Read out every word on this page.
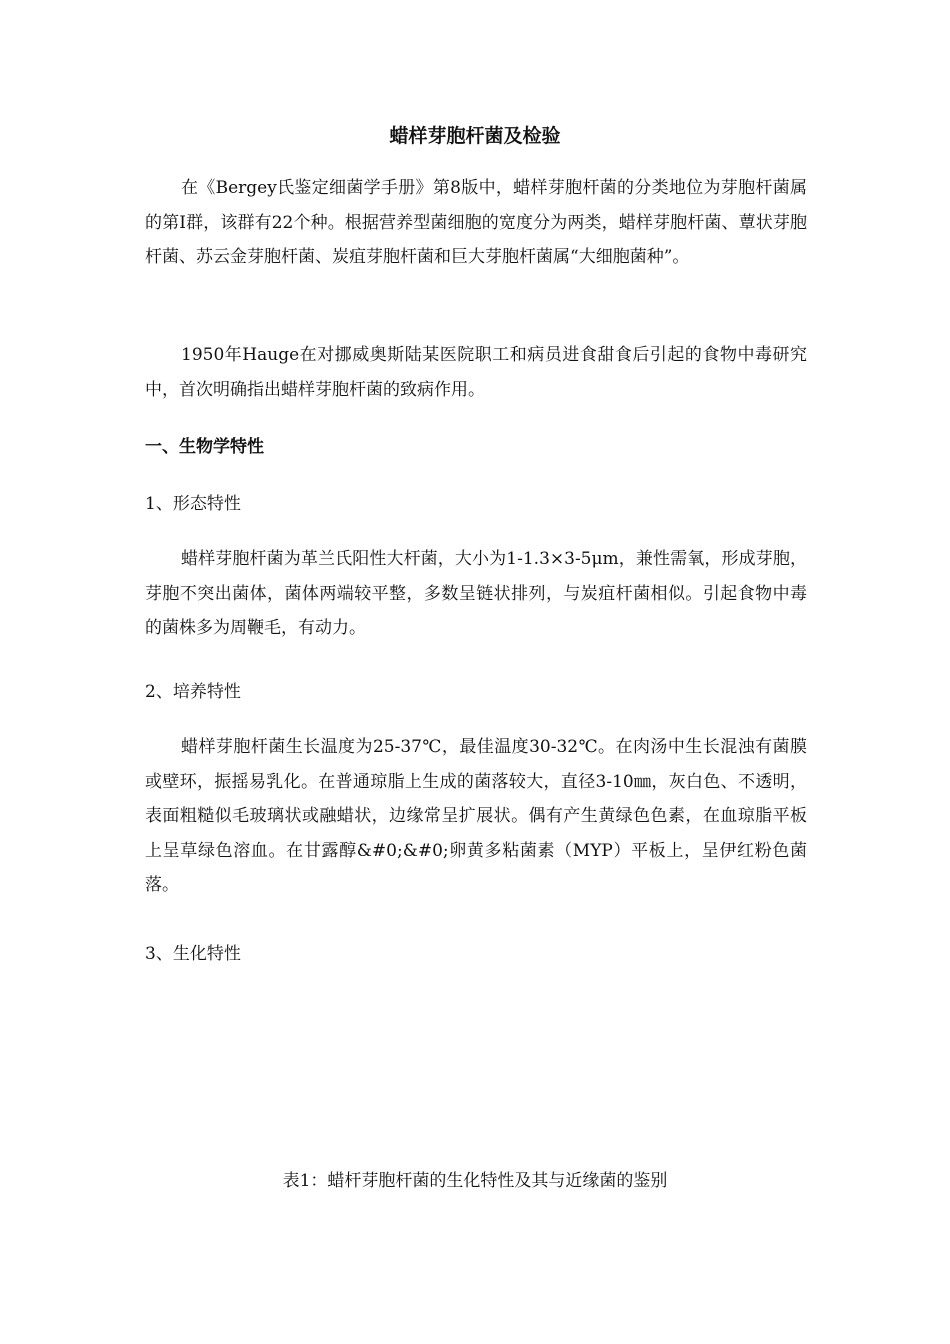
蜡样芽胞杆菌及检验

在《Bergey氏鉴定细菌学手册》第8版中，蜡样芽胞杆菌的分类地位为芽胞杆菌属的第Ⅰ群，该群有22个种。根据营养型菌细胞的宽度分为两类，蜡样芽胞杆菌、蕈状芽胞杆菌、苏云金芽胞杆菌、炭疽芽胞杆菌和巨大芽胞杆菌属“大细胞菌种”。

1950年Hauge在对挪威奥斯陆某医院职工和病员进食甜食后引起的食物中毒研究中，首次明确指出蜡样芽胞杆菌的致病作用。

一、生物学特性
1、形态特性

蜡样芽胞杆菌为革兰氏阳性大杆菌，大小为1-1.3×3-5μm，兼性需氧，形成芽胞，芽胞不突出菌体，菌体两端较平整，多数呈链状排列，与炭疽杆菌相似。引起食物中毒的菌株多为周鞭毛，有动力。

2、培养特性

蜡样芽胞杆菌生长温度为25-37℃，最佳温度30-32℃。在肉汤中生长混浊有菌膜或壁环，振摇易乳化。在普通琼脂上生成的菌落较大，直径3-10㎜，灰白色、不透明，表面粗糙似毛玻璃状或融蜡状，边缘常呈扩展状。偶有产生黄绿色色素，在血琼脂平板上呈草绿色溶血。在甘露醇&#0;&#0;卵黄多粘菌素（MYP）平板上，呈伊红粉色菌落。

3、生化特性
表1：蜡杆芽胞杆菌的生化特性及其与近缘菌的鉴别
